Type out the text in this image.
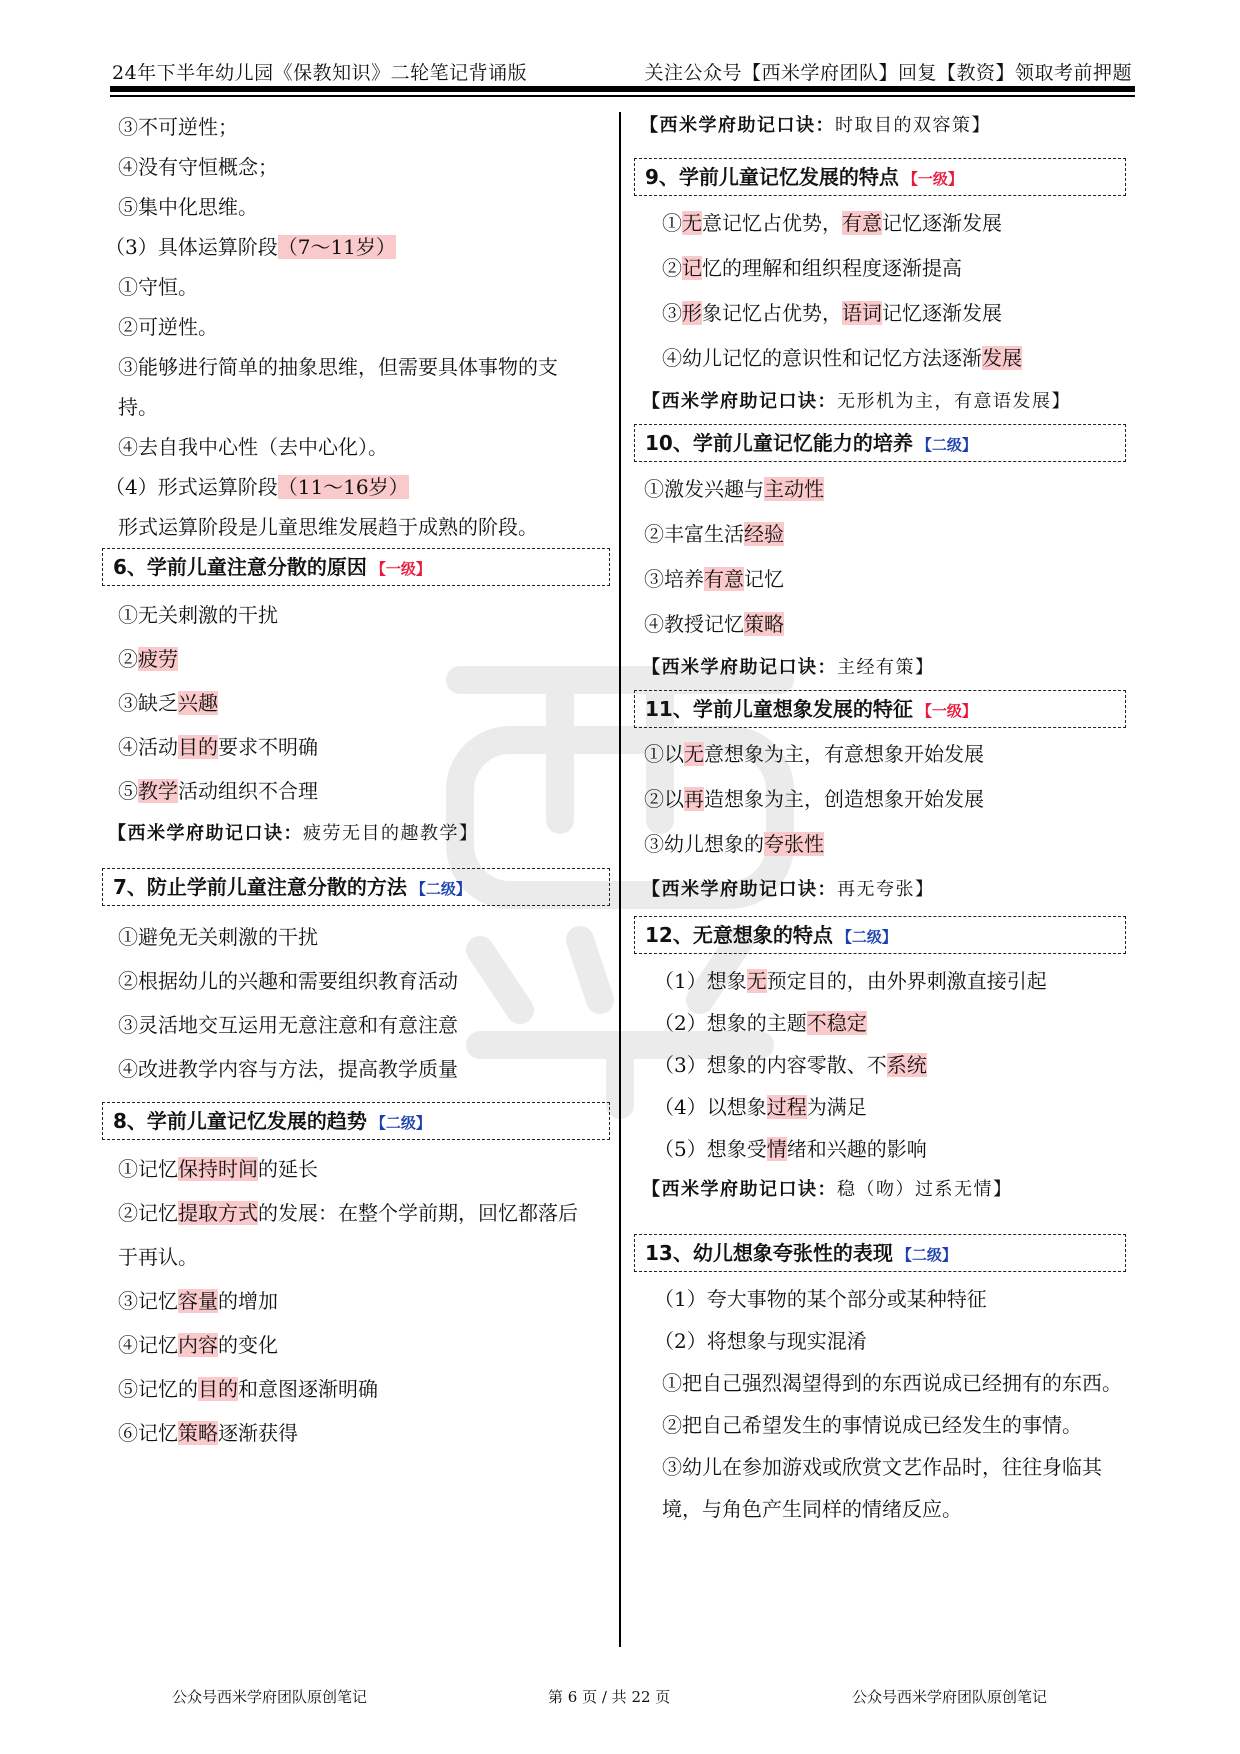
24年下半年幼儿园《保教知识》二轮笔记背诵版	关注公众号【西米学府团队】回复【教资】领取考前押题
③不可逆性；
④没有守恒概念；
⑤集中化思维。
（3）具体运算阶段（7～11岁）
①守恒。
②可逆性。
③能够进行简单的抽象思维，但需要具体事物的支
持。
④去自我中心性（去中心化）。
（4）形式运算阶段（11～16岁）
形式运算阶段是儿童思维发展趋于成熟的阶段。
6、学前儿童注意分散的原因 【一级】
①无关刺激的干扰
②疲劳
③缺乏兴趣
④活动目的要求不明确
⑤教学活动组织不合理
【西米学府助记口诀：疲劳无目的趣教学】
7、防止学前儿童注意分散的方法 【二级】
①避免无关刺激的干扰
②根据幼儿的兴趣和需要组织教育活动
③灵活地交互运用无意注意和有意注意
④改进教学内容与方法，提高教学质量
8、学前儿童记忆发展的趋势 【二级】
①记忆保持时间的延长
②记忆提取方式的发展：在整个学前期，回忆都落后
于再认。
③记忆容量的增加
④记忆内容的变化
⑤记忆的目的和意图逐渐明确
⑥记忆策略逐渐获得
【西米学府助记口诀：时取目的双容策】
9、学前儿童记忆发展的特点 【一级】
①无意记忆占优势，有意记忆逐渐发展
②记忆的理解和组织程度逐渐提高
③形象记忆占优势，语词记忆逐渐发展
④幼儿记忆的意识性和记忆方法逐渐发展
【西米学府助记口诀：无形机为主，有意语发展】
10、学前儿童记忆能力的培养 【二级】
①激发兴趣与主动性
②丰富生活经验
③培养有意记忆
④教授记忆策略
【西米学府助记口诀：主经有策】
11、学前儿童想象发展的特征 【一级】
①以无意想象为主，有意想象开始发展
②以再造想象为主，创造想象开始发展
③幼儿想象的夸张性
【西米学府助记口诀：再无夸张】
12、无意想象的特点 【二级】
（1）想象无预定目的，由外界刺激直接引起
（2）想象的主题不稳定
（3）想象的内容零散、不系统
（4）以想象过程为满足
（5）想象受情绪和兴趣的影响
【西米学府助记口诀：稳（吻）过系无情】
13、幼儿想象夸张性的表现 【二级】
（1）夸大事物的某个部分或某种特征
（2）将想象与现实混淆
①把自己强烈渴望得到的东西说成已经拥有的东西。
②把自己希望发生的事情说成已经发生的事情。
③幼儿在参加游戏或欣赏文艺作品时，往往身临其
境，与角色产生同样的情绪反应。
公众号西米学府团队原创笔记	第 6 页 / 共 22 页	公众号西米学府团队原创笔记
